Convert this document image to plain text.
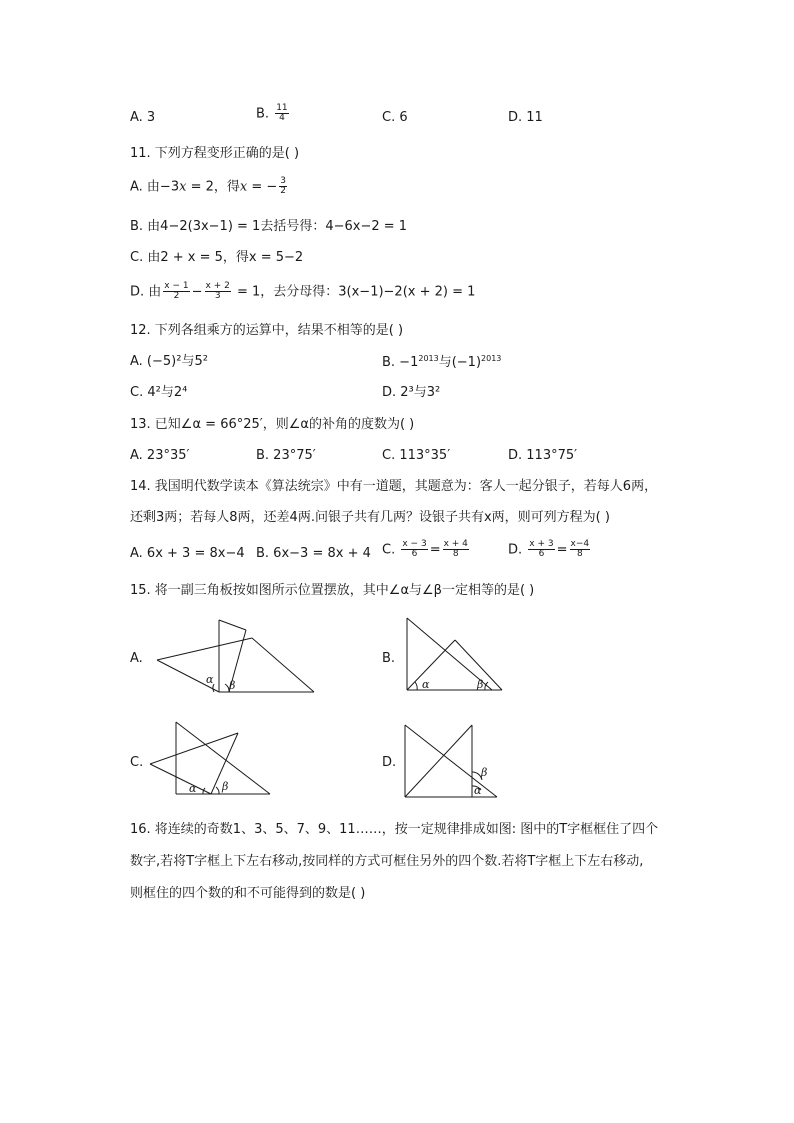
A. 3	B. $\frac{11}{4}$	C. 6	D. 11
11. 下列方程变形正确的是( )
A. 由−3x = 2，得x = − $\frac{3}{2}$
B. 由4−2(3x−1) = 1去括号得：4−6x−2 = 1
C. 由2 + x = 5，得x = 5−2
D. 由 $\frac{x - 1}{2} - \frac{x + 2}{3} = 1$，去分母得：3(x−1)−2(x + 2) = 1
12. 下列各组乘方的运算中，结果不相等的是( )
A. (−5)²与5²	B. $-1^{2013}$与$(-1)^{2013}$
C. 4²与2⁴	D. 2³与3²
13. 已知∠α = 66°25′，则∠α的补角的度数为( )
A. 23°35′	B. 23°75′	C. 113°35′	D. 113°75′
14. 我国明代数学读本《算法统宗》中有一道题，其题意为：客人一起分银子，若每人6两，
还剩3两；若每人8两，还差4两.问银子共有几两？设银子共有x两，则可列方程为( )
A. 6x + 3 = 8x−4 B. 6x−3 = 8x + 4 C. $\frac{x - 3}{6} = \frac{x + 4}{8}$	D. $\frac{x + 3}{6} = \frac{x-4}{8}$
15. 将一副三角板按如图所示位置摆放，其中∠α与∠β一定相等的是( )
A.	B.
C.	D.
α β	α	β
α β	α
β
16. 将连续的奇数1、3、5、7、9、11……，按一定规律排成如图: 图中的T字框框住了四个
数字,若将T字框上下左右移动,按同样的方式可框住另外的四个数.若将T字框上下左右移动,
则框住的四个数的和不可能得到的数是( )
